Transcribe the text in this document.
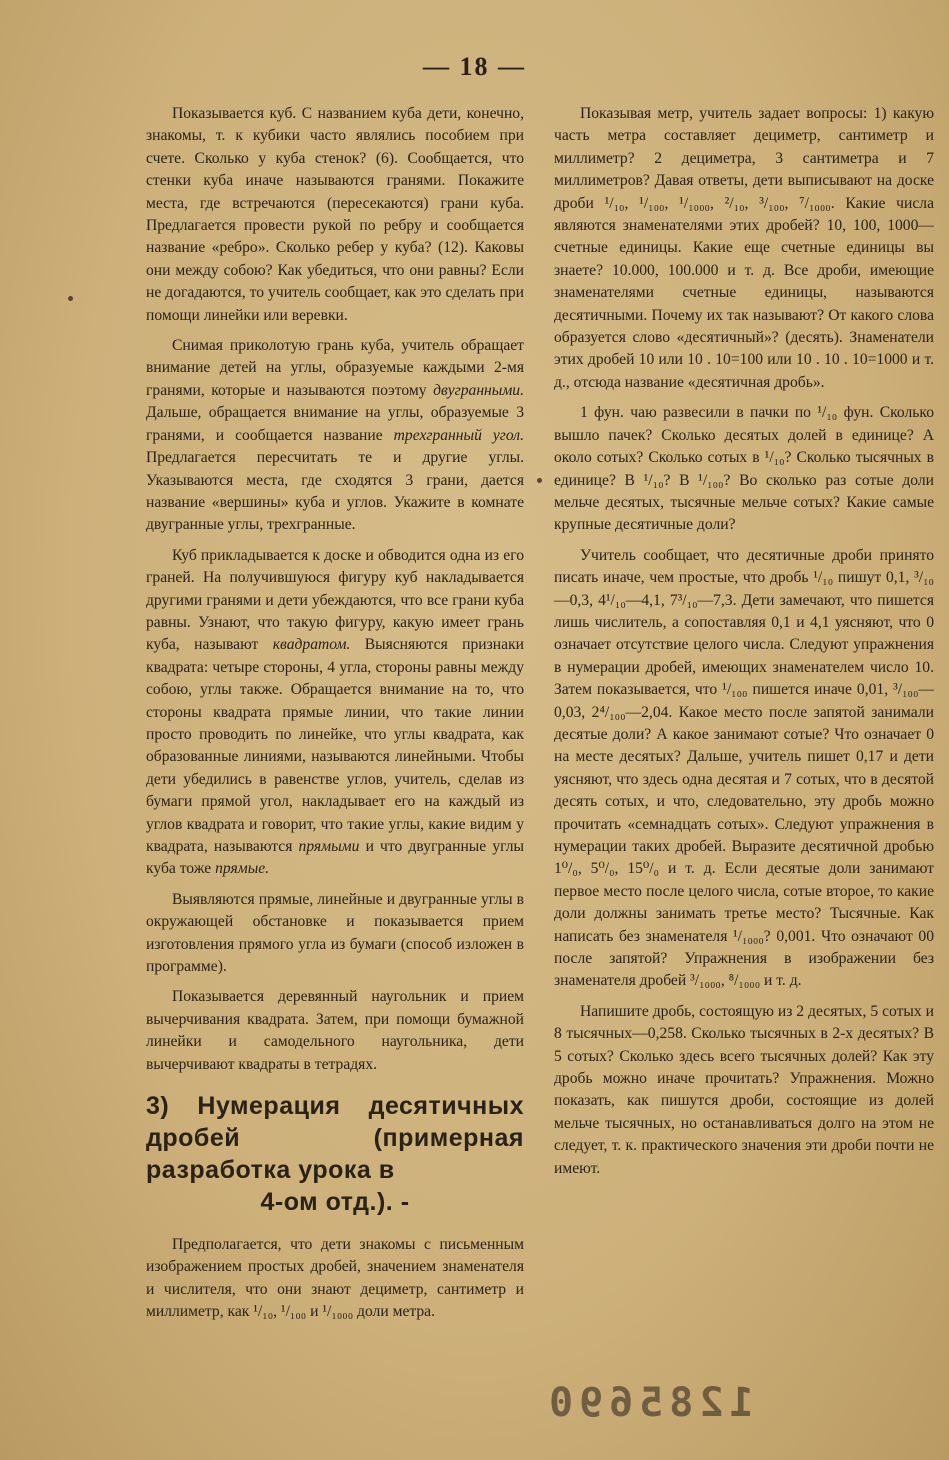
— 18 —

Показывается куб. С названием куба дети, конечно, знакомы, т. к кубики часто являлись пособием при счете. Сколько у куба стенок? (6). Сообщается, что стенки куба иначе называются гранями. Покажите места, где встречаются (пересекаются) грани куба. Предлагается провести рукой по ребру и сообщается название «ребро». Сколько ребер у куба? (12). Каковы они между собою? Как убедиться, что они равны? Если не догадаются, то учитель сообщает, как это сделать при помощи линейки или веревки.

Снимая приколотую грань куба, учитель обращает внимание детей на углы, образуемые каждыми 2-мя гранями, которые и называются поэтому двугранными. Дальше, обращается внимание на углы, образуемые 3 гранями, и сообщается название трехгранный угол. Предлагается пересчитать те и другие углы. Указываются места, где сходятся 3 грани, дается название «вершины» куба и углов. Укажите в комнате двугранные углы, трехгранные.

Куб прикладывается к доске и обводится одна из его граней. На получившуюся фигуру куб накладывается другими гранями и дети убеждаются, что все грани куба равны. Узнают, что такую фигуру, какую имеет грань куба, называют квадратом. Выясняются признаки квадрата: четыре стороны, 4 угла, стороны равны между собою, углы также. Обращается внимание на то, что стороны квадрата прямые линии, что такие линии просто проводить по линейке, что углы квадрата, как образованные линиями, называются линейными. Чтобы дети убедились в равенстве углов, учитель, сделав из бумаги прямой угол, накладывает его на каждый из углов квадрата и говорит, что такие углы, какие видим у квадрата, называются прямыми и что двугранные углы куба тоже прямые.

Выявляются прямые, линейные и двугранные углы в окружающей обстановке и показывается прием изготовления прямого угла из бумаги (способ изложен в программе).

Показывается деревянный наугольник и прием вычерчивания квадрата. Затем, при помощи бумажной линейки и самодельного наугольника, дети вычерчивают квадраты в тетрадях.

3) Нумерация десятичных дробей (примерная разработка урока в
4-ом отд.). -

Предполагается, что дети знакомы с письменным изображением простых дробей, значением знаменателя и числителя, что они знают дециметр, сантиметр и миллиметр, как ¹/₁₀, ¹/₁₀₀ и ¹/₁₀₀₀ доли метра.

Показывая метр, учитель задает вопросы: 1) какую часть метра составляет дециметр, сантиметр и миллиметр? 2 дециметра, 3 сантиметра и 7 миллиметров? Давая ответы, дети выписывают на доске дроби ¹/₁₀, ¹/₁₀₀, ¹/₁₀₀₀, ²/₁₀, ³/₁₀₀, ⁷/₁₀₀₀. Какие числа являются знаменателями этих дробей? 10, 100, 1000—счетные единицы. Какие еще счетные единицы вы знаете? 10.000, 100.000 и т. д. Все дроби, имеющие знаменателями счетные единицы, называются десятичными. Почему их так называют? От какого слова образуется слово «десятичный»? (десять). Знаменатели этих дробей 10 или 10 . 10=100 или 10 . 10 . 10=1000 и т. д., отсюда название «десятичная дробь».

1 фун. чаю развесили в пачки по ¹/₁₀ фун. Сколько вышло пачек? Сколько десятых долей в единице? А около сотых? Сколько сотых в ¹/₁₀? Сколько тысячных в единице? В ¹/₁₀? В ¹/₁₀₀? Во сколько раз сотые доли мельче десятых, тысячные мельче сотых? Какие самые крупные десятичные доли?

Учитель сообщает, что десятичные дроби принято писать иначе, чем простые, что дробь ¹/₁₀ пишут 0,1, ³/₁₀—0,3, 4¹/₁₀—4,1, 7³/₁₀—7,3. Дети замечают, что пишется лишь числитель, а сопоставляя 0,1 и 4,1 уясняют, что 0 означает отсутствие целого числа. Следуют упражнения в нумерации дробей, имеющих знаменателем число 10. Затем показывается, что ¹/₁₀₀ пишется иначе 0,01, ³/₁₀₀—0,03, 2⁴/₁₀₀—2,04. Какое место после запятой занимали десятые доли? А какое занимают сотые? Что означает 0 на месте десятых? Дальше, учитель пишет 0,17 и дети уясняют, что здесь одна десятая и 7 сотых, что в десятой десять сотых, и что, следовательно, эту дробь можно прочитать «семнадцать сотых». Следуют упражнения в нумерации таких дробей. Выразите десятичной дробью 1⁰/₀, 5⁰/₀, 15⁰/₀ и т. д. Если десятые доли занимают первое место после целого числа, сотые второе, то какие доли должны занимать третье место? Тысячные. Как написать без знаменателя ¹/₁₀₀₀? 0,001. Что означают 00 после запятой? Упражнения в изображении без знаменателя дробей ³/₁₀₀₀, ⁸/₁₀₀₀ и т. д.

Напишите дробь, состоящую из 2 десятых, 5 сотых и 8 тысячных—0,258. Сколько тысячных в 2-х десятых? В 5 сотых? Сколько здесь всего тысячных долей? Как эту дробь можно иначе прочитать? Упражнения. Можно показать, как пишутся дроби, состоящие из долей мельче тысячных, но останавливаться долго на этом не следует, т. к. практического значения эти дроби почти не имеют.

1285690
